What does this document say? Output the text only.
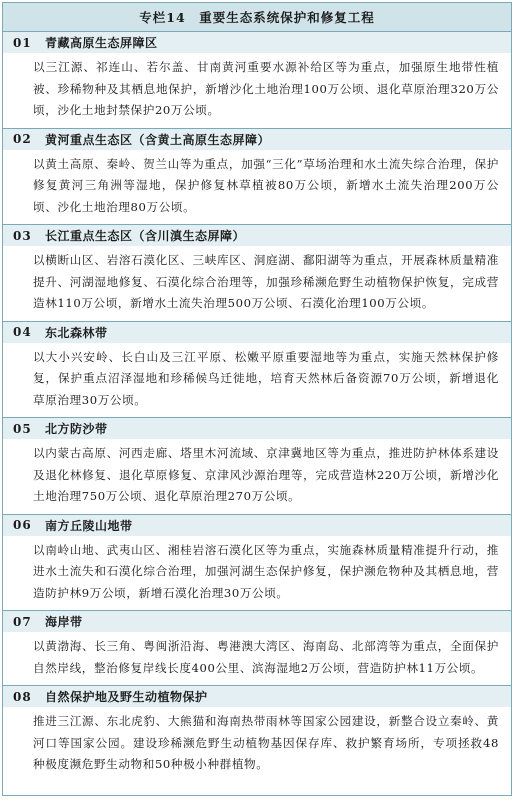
专栏14　重要生态系统保护和修复工程
01	青藏高原生态屏障区
以三江源、祁连山、若尔盖、甘南黄河重要水源补给区等为重点，加强原生地带性植被、珍稀物种及其栖息地保护，新增沙化土地治理100万公顷、退化草原治理320万公顷，沙化土地封禁保护20万公顷。
02	黄河重点生态区（含黄土高原生态屏障）
以黄土高原、秦岭、贺兰山等为重点，加强“三化”草场治理和水土流失综合治理，保护修复黄河三角洲等湿地，保护修复林草植被80万公顷，新增水土流失治理200万公顷、沙化土地治理80万公顷。
03	长江重点生态区（含川滇生态屏障）
以横断山区、岩溶石漠化区、三峡库区、洞庭湖、鄱阳湖等为重点，开展森林质量精准提升、河湖湿地修复、石漠化综合治理等，加强珍稀濒危野生动植物保护恢复，完成营造林110万公顷，新增水土流失治理500万公顷、石漠化治理100万公顷。
04	东北森林带
以大小兴安岭、长白山及三江平原、松嫩平原重要湿地等为重点，实施天然林保护修复，保护重点沼泽湿地和珍稀候鸟迁徙地，培育天然林后备资源70万公顷，新增退化草原治理30万公顷。
05	北方防沙带
以内蒙古高原、河西走廊、塔里木河流域、京津冀地区等为重点，推进防护林体系建设及退化林修复、退化草原修复、京津风沙源治理等，完成营造林220万公顷，新增沙化土地治理750万公顷、退化草原治理270万公顷。
06	南方丘陵山地带
以南岭山地、武夷山区、湘桂岩溶石漠化区等为重点，实施森林质量精准提升行动，推进水土流失和石漠化综合治理，加强河湖生态保护修复，保护濒危物种及其栖息地，营造防护林9万公顷，新增石漠化治理30万公顷。
07	海岸带
以黄渤海、长三角、粤闽浙沿海、粤港澳大湾区、海南岛、北部湾等为重点，全面保护自然岸线，整治修复岸线长度400公里、滨海湿地2万公顷，营造防护林11万公顷。
08	自然保护地及野生动植物保护
推进三江源、东北虎豹、大熊猫和海南热带雨林等国家公园建设，新整合设立秦岭、黄河口等国家公园。建设珍稀濒危野生动植物基因保存库、救护繁育场所，专项拯救48种极度濒危野生动物和50种极小种群植物。
